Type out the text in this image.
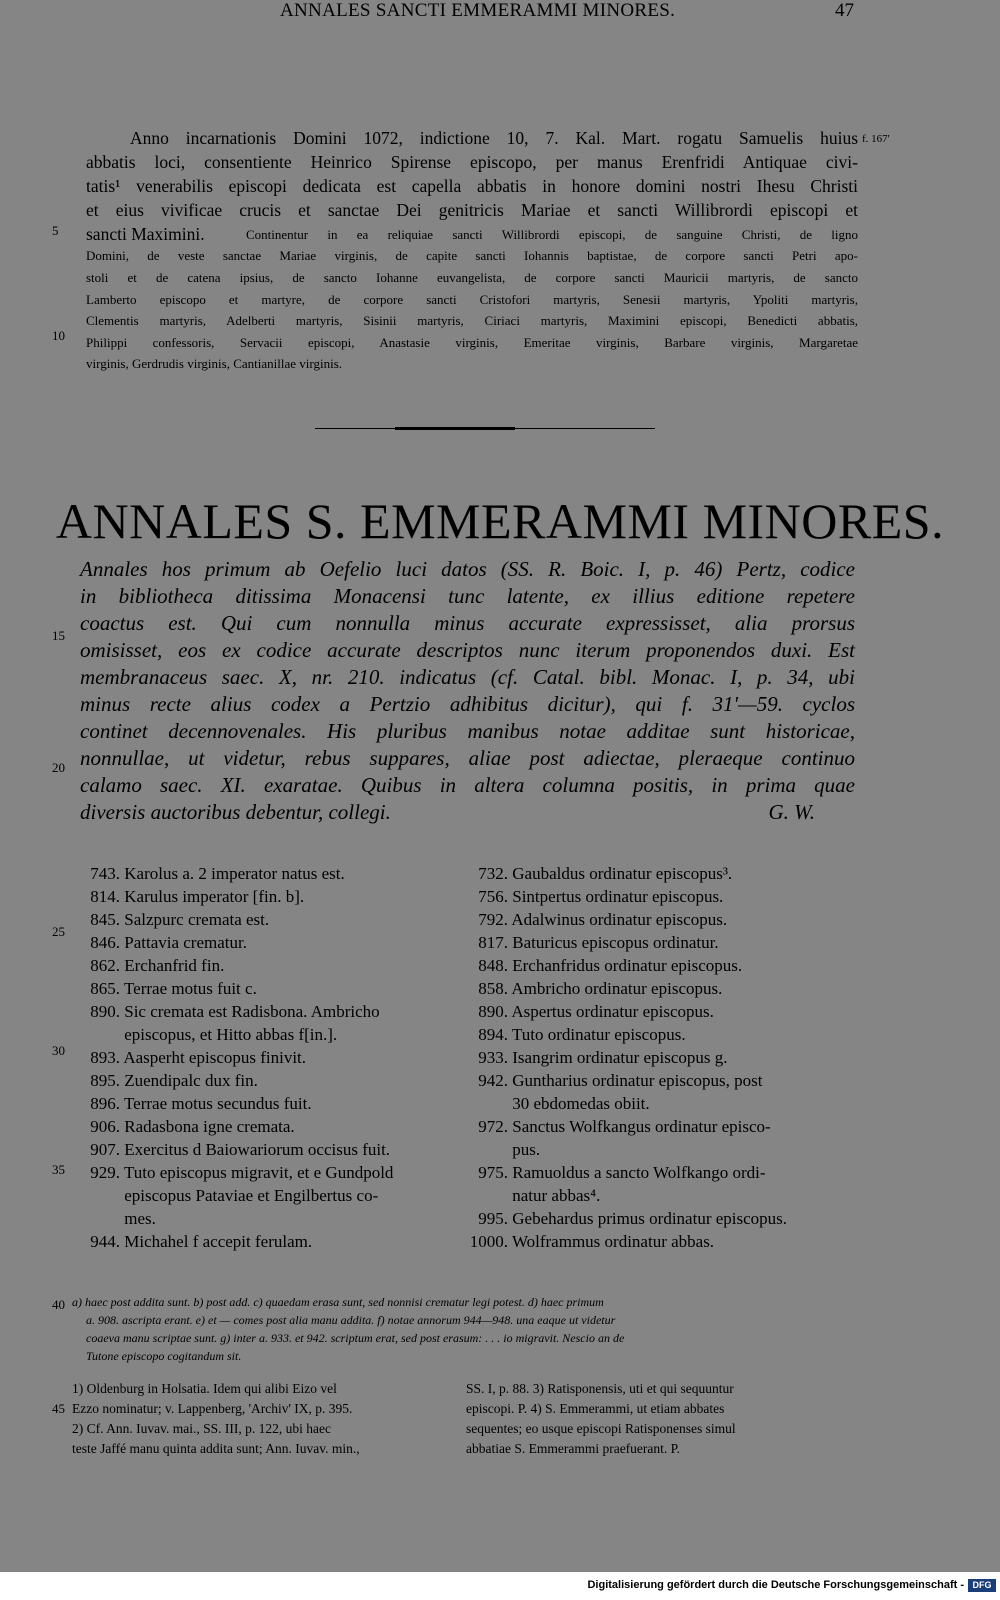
ANNALES SANCTI EMMERAMMI MINORES.	47
f. 167'
5
10
15
20
25
30
35
40
45
Anno incarnationis Domini 1072, indictione 10, 7. Kal. Mart. rogatu Samuelis huius
abbatis loci, consentiente Heinrico Spirense episcopo, per manus Erenfridi Antiquae civi-
tatis¹ venerabilis episcopi dedicata est capella abbatis in honore domini nostri Ihesu Christi
et eius vivificae crucis et sanctae Dei genitricis Mariae et sancti Willibrordi episcopi et
sancti Maximini.	Continentur in ea reliquiae sancti Willibrordi episcopi, de sanguine Christi, de ligno
Domini, de veste sanctae Mariae virginis, de capite sancti Iohannis baptistae, de corpore sancti Petri apo-
stoli et de catena ipsius, de sancto Iohanne euvangelista, de corpore sancti Mauricii martyris, de sancto
Lamberto episcopo et martyre, de corpore sancti Cristofori martyris, Senesii martyris, Ypoliti martyris,
Clementis martyris, Adelberti martyris, Sisinii martyris, Ciriaci martyris, Maximini episcopi, Benedicti abbatis,
Philippi confessoris, Servacii episcopi, Anastasie virginis, Emeritae virginis, Barbare virginis, Margaretae
virginis, Gerdrudis virginis, Cantianillae virginis.
ANNALES S. EMMERAMMI MINORES.
Annales hos primum ab Oefelio luci datos (SS. R. Boic. I, p. 46) Pertz, codice
in bibliotheca ditissima Monacensi tunc latente, ex illius editione repetere
coactus est. Qui cum nonnulla minus accurate expressisset, alia prorsus
omisisset, eos ex codice accurate descriptos nunc iterum proponendos duxi. Est
membranaceus saec. X, nr. 210. indicatus (cf. Catal. bibl. Monac. I, p. 34, ubi
minus recte alius codex a Pertzio adhibitus dicitur), qui f. 31'—59. cyclos
continet decennovenales. His pluribus manibus notae additae sunt historicae,
nonnullae, ut videtur, rebus suppares, aliae post adiectae, pleraeque continuo
calamo saec. XI. exaratae. Quibus in altera columna positis, in prima quae
diversis auctoribus debentur, collegi.	G. W.
743. Karolus a. 2 imperator natus est.
814. Karulus imperator [fin. b].
845. Salzpurc cremata est.
846. Pattavia crematur.
862. Erchanfrid fin.
865. Terrae motus fuit c.
890. Sic cremata est Radisbona. Ambricho
episcopus, et Hitto abbas f[in.].
893. Aasperht episcopus finivit.
895. Zuendipalc dux fin.
896. Terrae motus secundus fuit.
906. Radasbona igne cremata.
907. Exercitus d Baiowariorum occisus fuit.
929. Tuto episcopus migravit, et e Gundpold
episcopus Pataviae et Engilbertus co-
mes.
944. Michahel f accepit ferulam.
732. Gaubaldus ordinatur episcopus³.
756. Sintpertus ordinatur episcopus.
792. Adalwinus ordinatur episcopus.
817. Baturicus episcopus ordinatur.
848. Erchanfridus ordinatur episcopus.
858. Ambricho ordinatur episcopus.
890. Aspertus ordinatur episcopus.
894. Tuto ordinatur episcopus.
933. Isangrim ordinatur episcopus g.
942. Guntharius ordinatur episcopus, post
30 ebdomedas obiit.
972. Sanctus Wolfkangus ordinatur episco-
pus.
975. Ramuoldus a sancto Wolfkango ordi-
natur abbas⁴.
995. Gebehardus primus ordinatur episcopus.
1000. Wolframmus ordinatur abbas.
a) haec post addita sunt. b) post add. c) quaedam erasa sunt, sed nonnisi crematur legi potest. d) haec primum
a. 908. ascripta erant. e) et — comes post alia manu addita. f) notae annorum 944—948. una eaque ut videtur
coaeva manu scriptae sunt. g) inter a. 933. et 942. scriptum erat, sed post erasum: . . . io migravit. Nescio an de
Tutone episcopo cogitandum sit.
1) Oldenburg in Holsatia. Idem qui alibi Eizo vel
Ezzo nominatur; v. Lappenberg, 'Archiv' IX, p. 395.
2) Cf. Ann. Iuvav. mai., SS. III, p. 122, ubi haec
teste Jaffé manu quinta addita sunt; Ann. Iuvav. min.,
SS. I, p. 88. 3) Ratisponensis, uti et qui sequuntur
episcopi. P. 4) S. Emmerammi, ut etiam abbates
sequentes; eo usque episcopi Ratisponenses simul
abbatiae S. Emmerammi praefuerant. P.
Digitalisierung gefördert durch die Deutsche Forschungsgemeinschaft - DFG
